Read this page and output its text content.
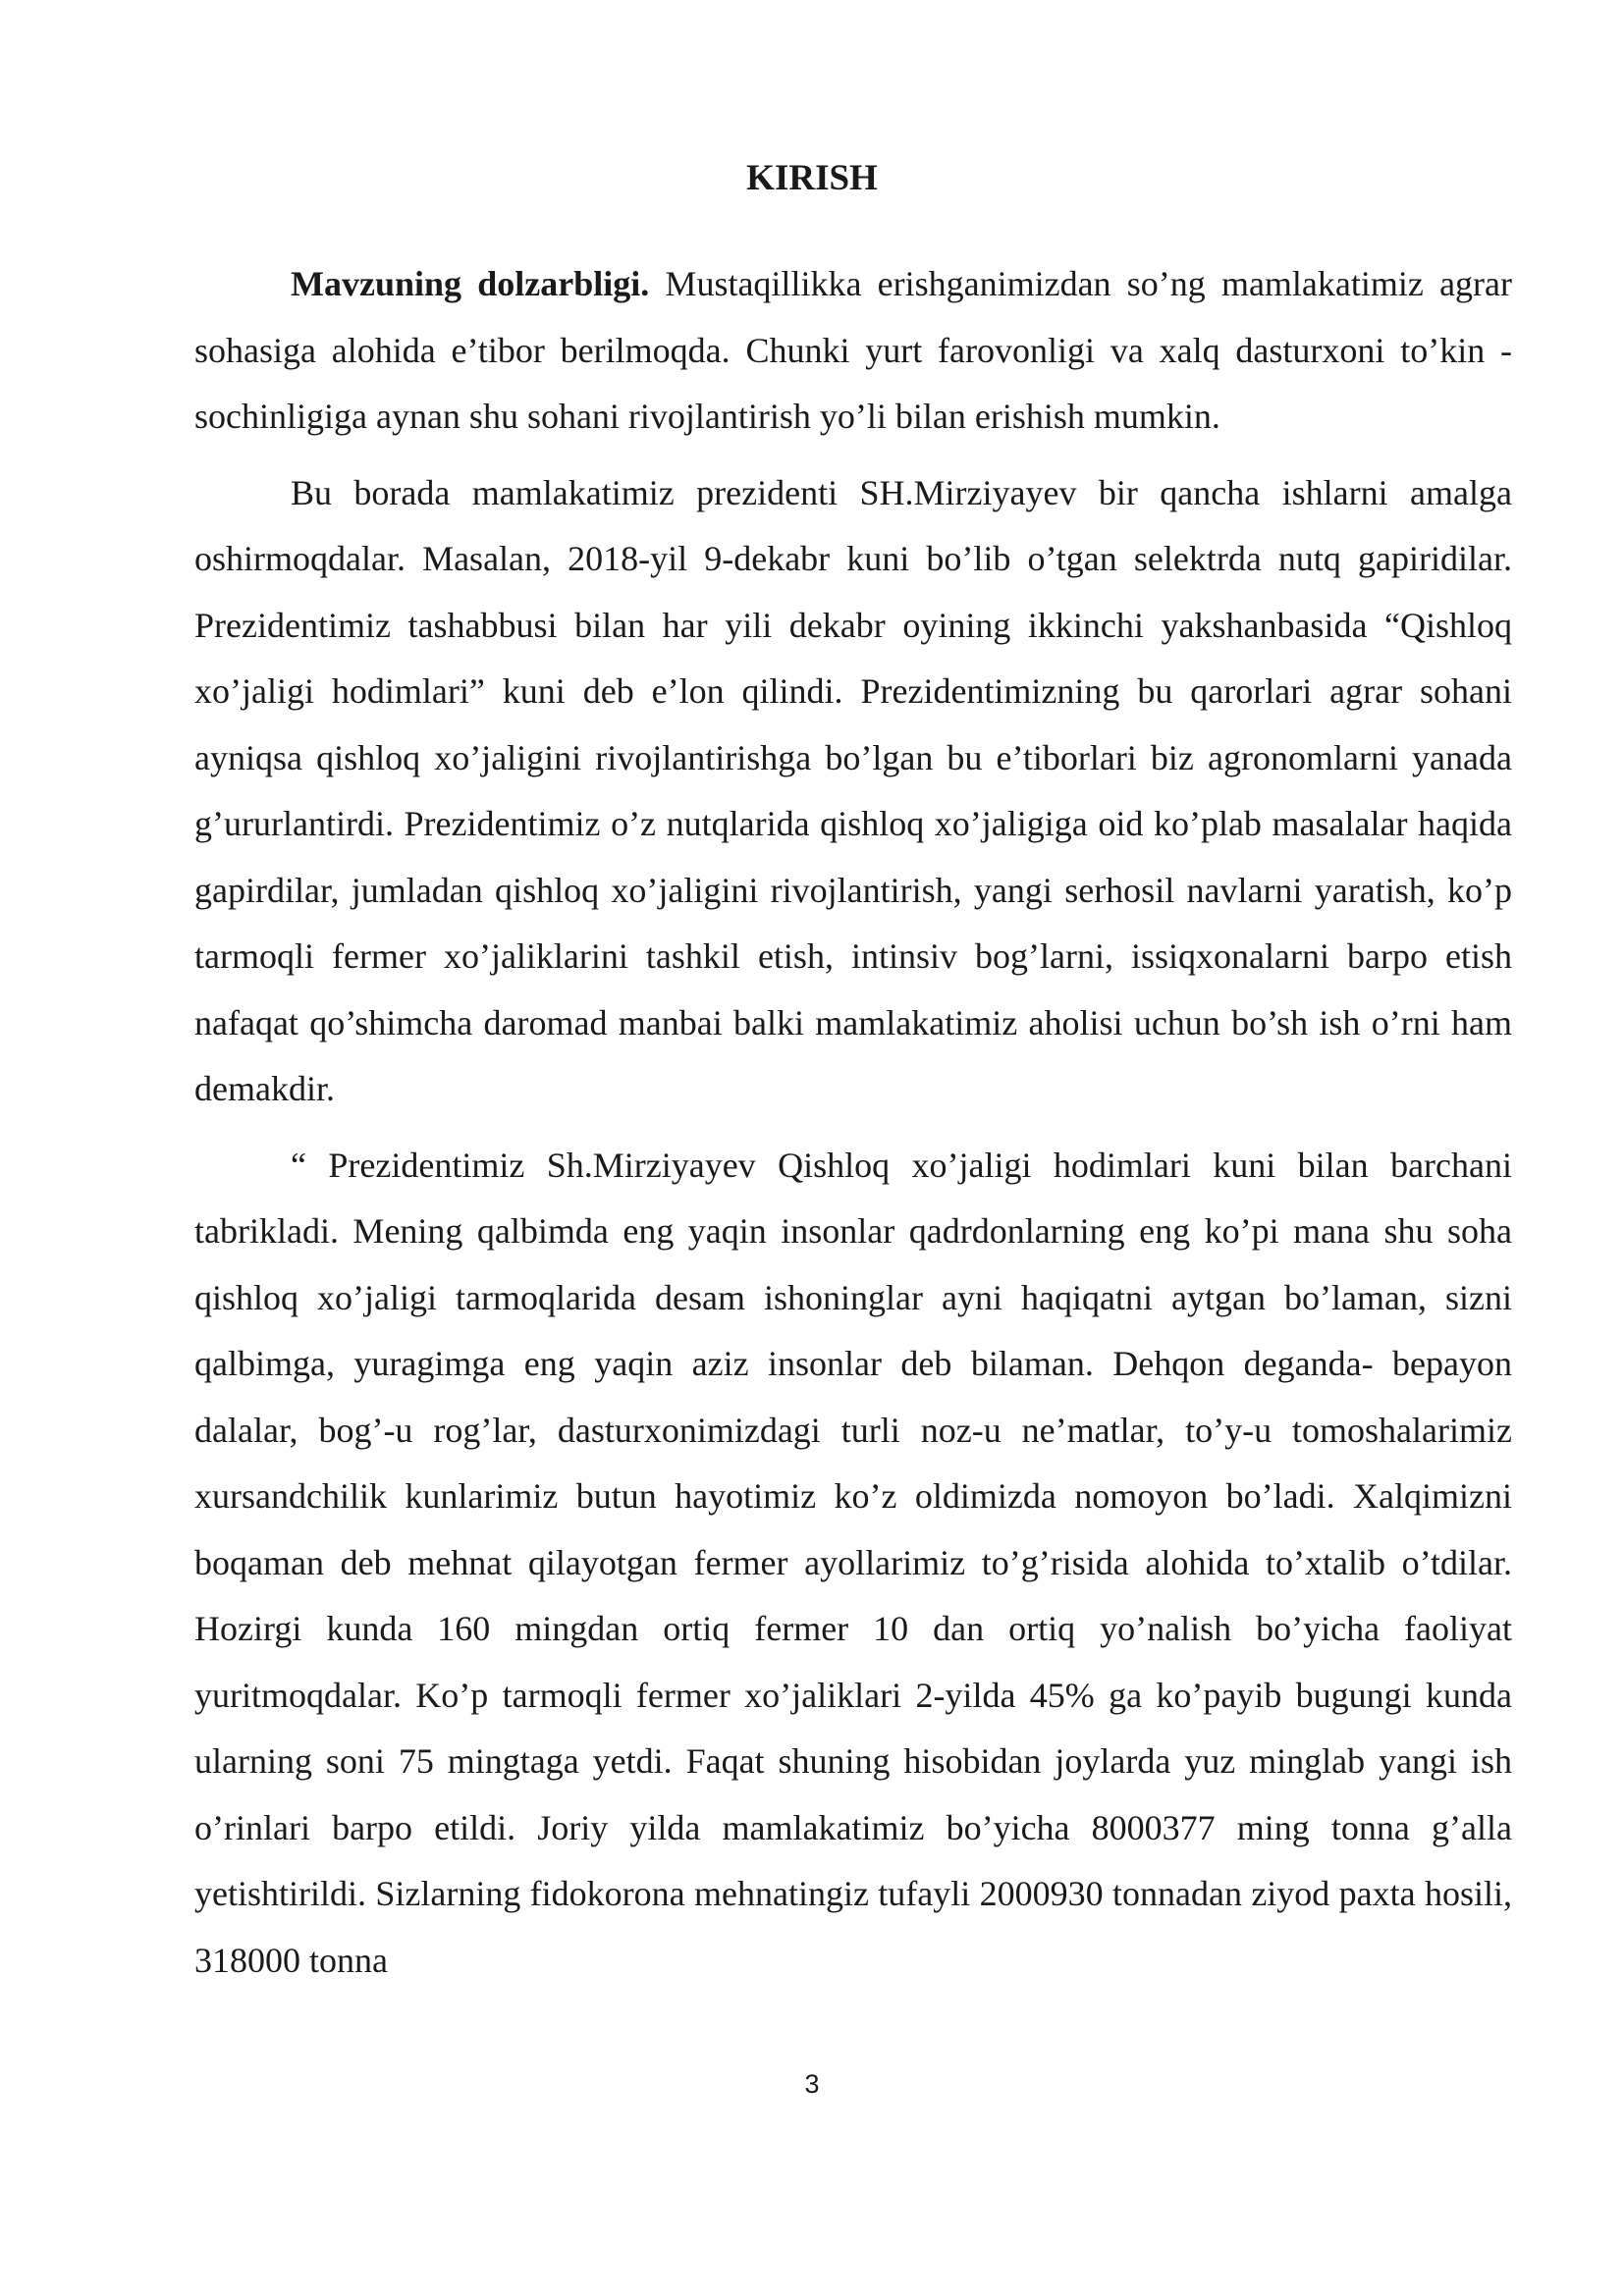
KIRISH

Mavzuning dolzarbligi. Mustaqillikka erishganimizdan so’ng mamlakatimiz agrar sohasiga alohida e’tibor berilmoqda. Chunki yurt farovonligi va xalq dasturxoni to’kin - sochinligiga aynan shu sohani rivojlantirish yo’li bilan erishish mumkin.

Bu borada mamlakatimiz prezidenti SH.Mirziyayev bir qancha ishlarni amalga oshirmoqdalar. Masalan, 2018-yil 9-dekabr kuni bo’lib o’tgan selektrda nutq gapiridilar. Prezidentimiz tashabbusi bilan har yili dekabr oyining ikkinchi yakshanbasida “Qishloq xo’jaligi hodimlari” kuni deb e’lon qilindi. Prezidentimizning bu qarorlari agrar sohani ayniqsa qishloq xo’jaligini rivojlantirishga bo’lgan bu e’tiborlari biz agronomlarni yanada g’ururlantirdi. Prezidentimiz o’z nutqlarida qishloq xo’jaligiga oid ko’plab masalalar haqida gapirdilar, jumladan qishloq xo’jaligini rivojlantirish, yangi serhosil navlarni yaratish, ko’p tarmoqli fermer xo’jaliklarini tashkil etish, intinsiv bog’larni, issiqxonalarni barpo etish nafaqat qo’shimcha daromad manbai balki mamlakatimiz aholisi uchun bo’sh ish o’rni ham demakdir.

“ Prezidentimiz Sh.Mirziyayev Qishloq xo’jaligi hodimlari kuni bilan barchani tabrikladi. Mening qalbimda eng yaqin insonlar qadrdonlarning eng ko’pi mana shu soha qishloq xo’jaligi tarmoqlarida desam ishoninglar ayni haqiqatni aytgan bo’laman, sizni qalbimga, yuragimga eng yaqin aziz insonlar deb bilaman. Dehqon deganda- bepayon dalalar, bog’-u rog’lar, dasturxonimizdagi turli noz-u ne’matlar, to’y-u tomoshalarimiz xursandchilik kunlarimiz butun hayotimiz ko’z oldimizda nomoyon bo’ladi. Xalqimizni boqaman deb mehnat qilayotgan fermer ayollarimiz to’g’risida alohida to’xtalib o’tdilar. Hozirgi kunda 160 mingdan ortiq fermer 10 dan ortiq yo’nalish bo’yicha faoliyat yuritmoqdalar. Ko’p tarmoqli fermer xo’jaliklari 2-yilda 45% ga ko’payib bugungi kunda ularning soni 75 mingtaga yetdi. Faqat shuning hisobidan joylarda yuz minglab yangi ish o’rinlari barpo etildi. Joriy yilda mamlakatimiz bo’yicha 8000377 ming tonna g’alla yetishtirildi. Sizlarning fidokorona mehnatingiz tufayli 2000930 tonnadan ziyod paxta hosili, 318000 tonna

3
